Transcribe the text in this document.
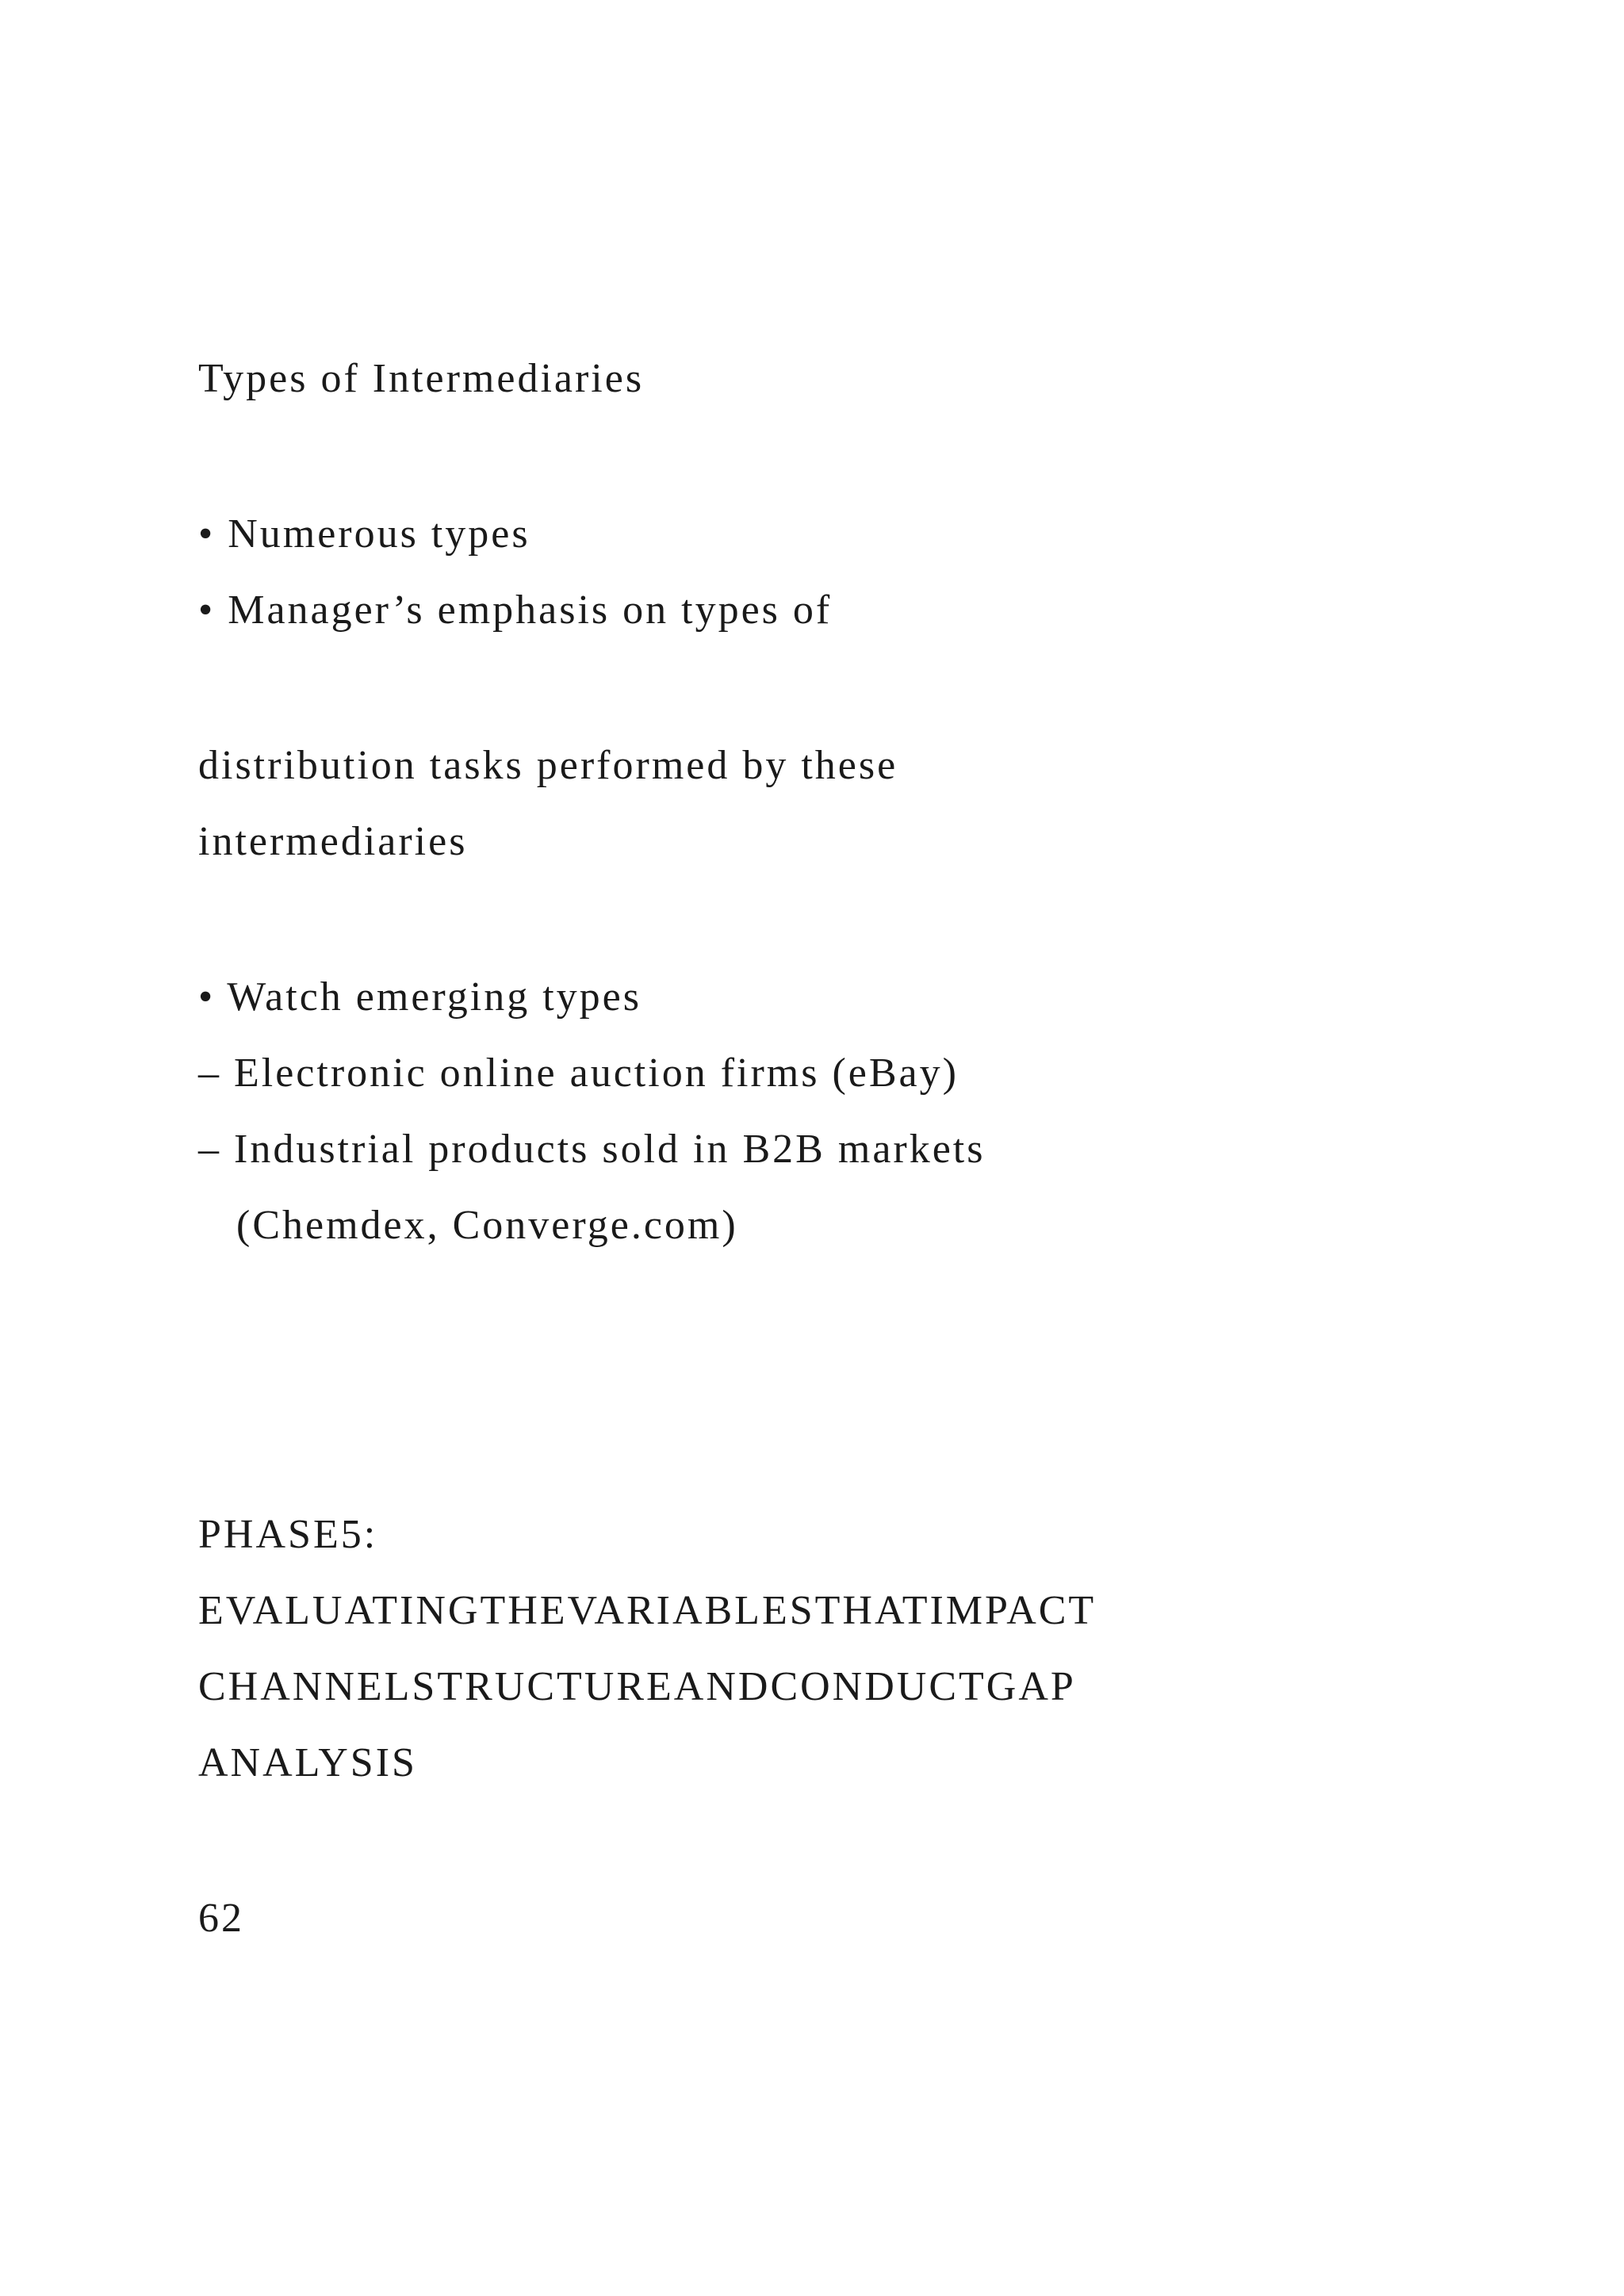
Types of Intermediaries
• Numerous types
• Manager’s emphasis on types of
distribution tasks performed by these
intermediaries
• Watch emerging types
– Electronic online auction firms (eBay)
– Industrial products sold in B2B markets
(Chemdex, Converge.com)
PHASE5:
EVALUATINGTHEVARIABLESTHATIMPACT
CHANNELSTRUCTUREANDCONDUCTGAP
ANALYSIS
62
